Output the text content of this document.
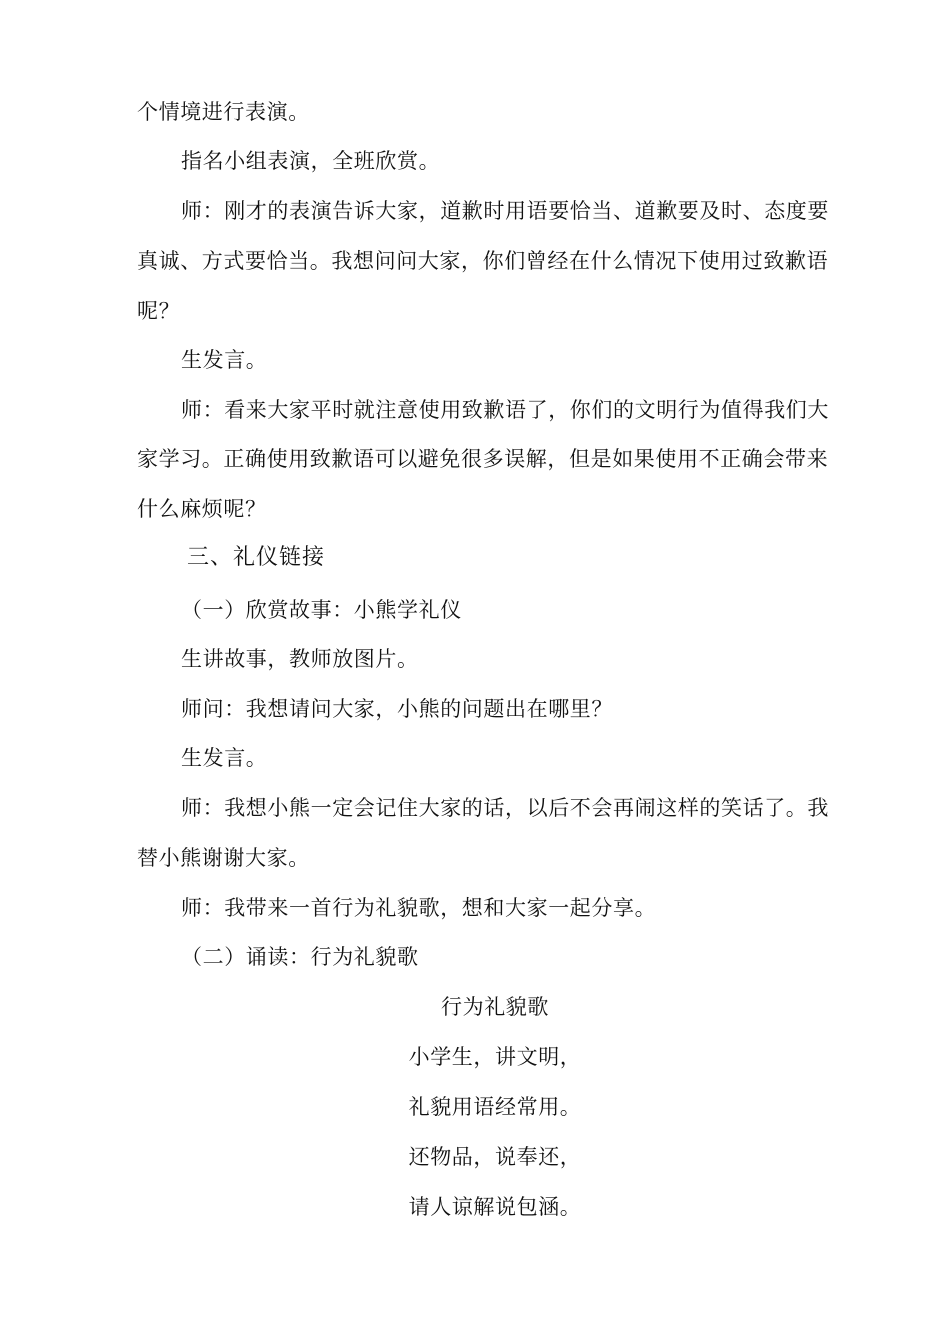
个情境进行表演。
指名小组表演，全班欣赏。
师：刚才的表演告诉大家，道歉时用语要恰当、道歉要及时、态度要
真诚、方式要恰当。我想问问大家，你们曾经在什么情况下使用过致歉语
呢？
生发言。
师：看来大家平时就注意使用致歉语了，你们的文明行为值得我们大
家学习。正确使用致歉语可以避免很多误解，但是如果使用不正确会带来
什么麻烦呢？
三、礼仪链接
（一）欣赏故事：小熊学礼仪
生讲故事，教师放图片。
师问：我想请问大家，小熊的问题出在哪里？
生发言。
师：我想小熊一定会记住大家的话，以后不会再闹这样的笑话了。我
替小熊谢谢大家。
师：我带来一首行为礼貌歌，想和大家一起分享。
（二）诵读：行为礼貌歌
行为礼貌歌
小学生，讲文明，
礼貌用语经常用。
还物品，说奉还，
请人谅解说包涵。
